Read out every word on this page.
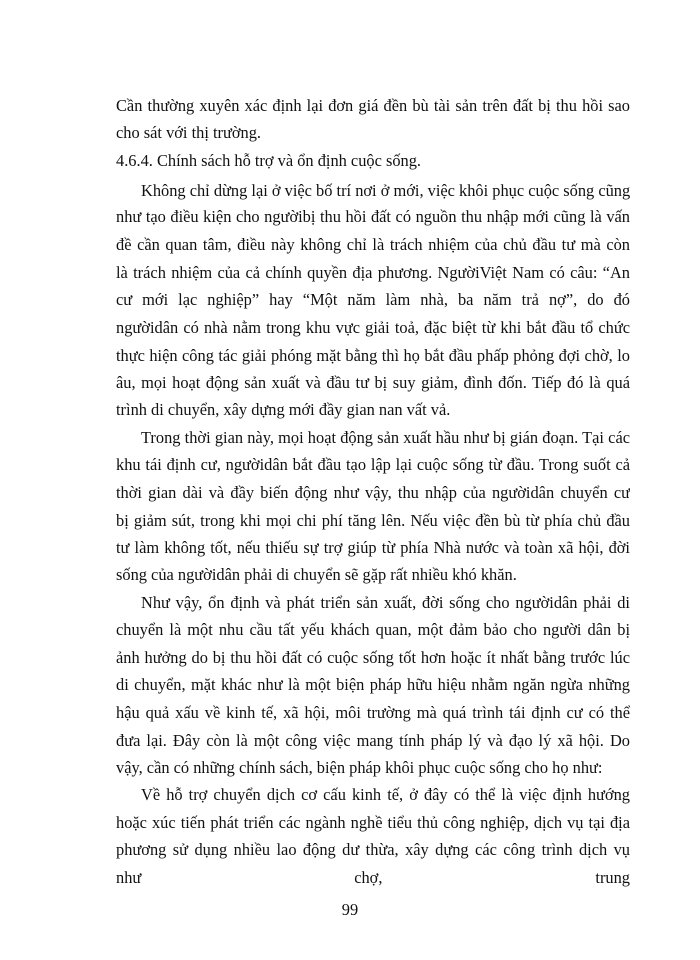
Cần thường xuyên xác định lại đơn giá đền bù tài sản trên đất bị thu hồi sao
cho sát với thị trường.
4.6.4. Chính sách hỗ trợ và ổn định cuộc sống.
Không chỉ dừng lại ở việc bố trí nơi ở mới, việc khôi phục cuộc sống cũng
như tạo điều kiện cho ngườibị thu hồi đất có nguồn thu nhập mới cũng là vấn
đề cần quan tâm, điều này không chỉ là trách nhiệm của chủ đầu tư mà còn
là trách nhiệm của cả chính quyền địa phương. NgườiViệt Nam có câu: “An
cư mới lạc nghiệp” hay “Một năm làm nhà, ba năm trả nợ”, do đó
ngườidân có nhà nằm trong khu vực giải toả, đặc biệt từ khi bắt đầu tổ chức
thực hiện công tác giải phóng mặt bằng thì họ bắt đầu phấp phỏng đợi chờ, lo
âu, mọi hoạt động sản xuất và đầu tư bị suy giảm, đình đốn. Tiếp đó là quá
trình di chuyển, xây dựng mới đầy gian nan vất vả.
Trong thời gian này, mọi hoạt động sản xuất hầu như bị gián đoạn. Tại các
khu tái định cư, ngườidân bắt đầu tạo lập lại cuộc sống từ đầu. Trong suốt cả
thời gian dài và đầy biến động như vậy, thu nhập của ngườidân chuyển cư
bị giảm sút, trong khi mọi chi phí tăng lên. Nếu việc đền bù từ phía chủ đầu
tư làm không tốt, nếu thiếu sự trợ giúp từ phía Nhà nước và toàn xã hội, đời
sống của ngườidân phải di chuyển sẽ gặp rất nhiều khó khăn.
Như vậy, ổn định và phát triển sản xuất, đời sống cho ngườidân phải di
chuyển là một nhu cầu tất yếu khách quan, một đảm bảo cho người dân bị
ảnh hưởng do bị thu hồi đất có cuộc sống tốt hơn hoặc ít nhất bằng trước lúc
di chuyển, mặt khác như là một biện pháp hữu hiệu nhằm ngăn ngừa những
hậu quả xấu về kinh tế, xã hội, môi trường mà quá trình tái định cư có thể
đưa lại. Đây còn là một công việc mang tính pháp lý và đạo lý xã hội. Do
vậy, cần có những chính sách, biện pháp khôi phục cuộc sống cho họ như:
Về hỗ trợ chuyển dịch cơ cấu kinh tế, ở đây có thể là việc định hướng
hoặc xúc tiến phát triển các ngành nghề tiểu thủ công nghiệp, dịch vụ tại địa
phương sử dụng nhiều lao động dư thừa, xây dựng các công trình dịch vụ
như chợ, trung
99
